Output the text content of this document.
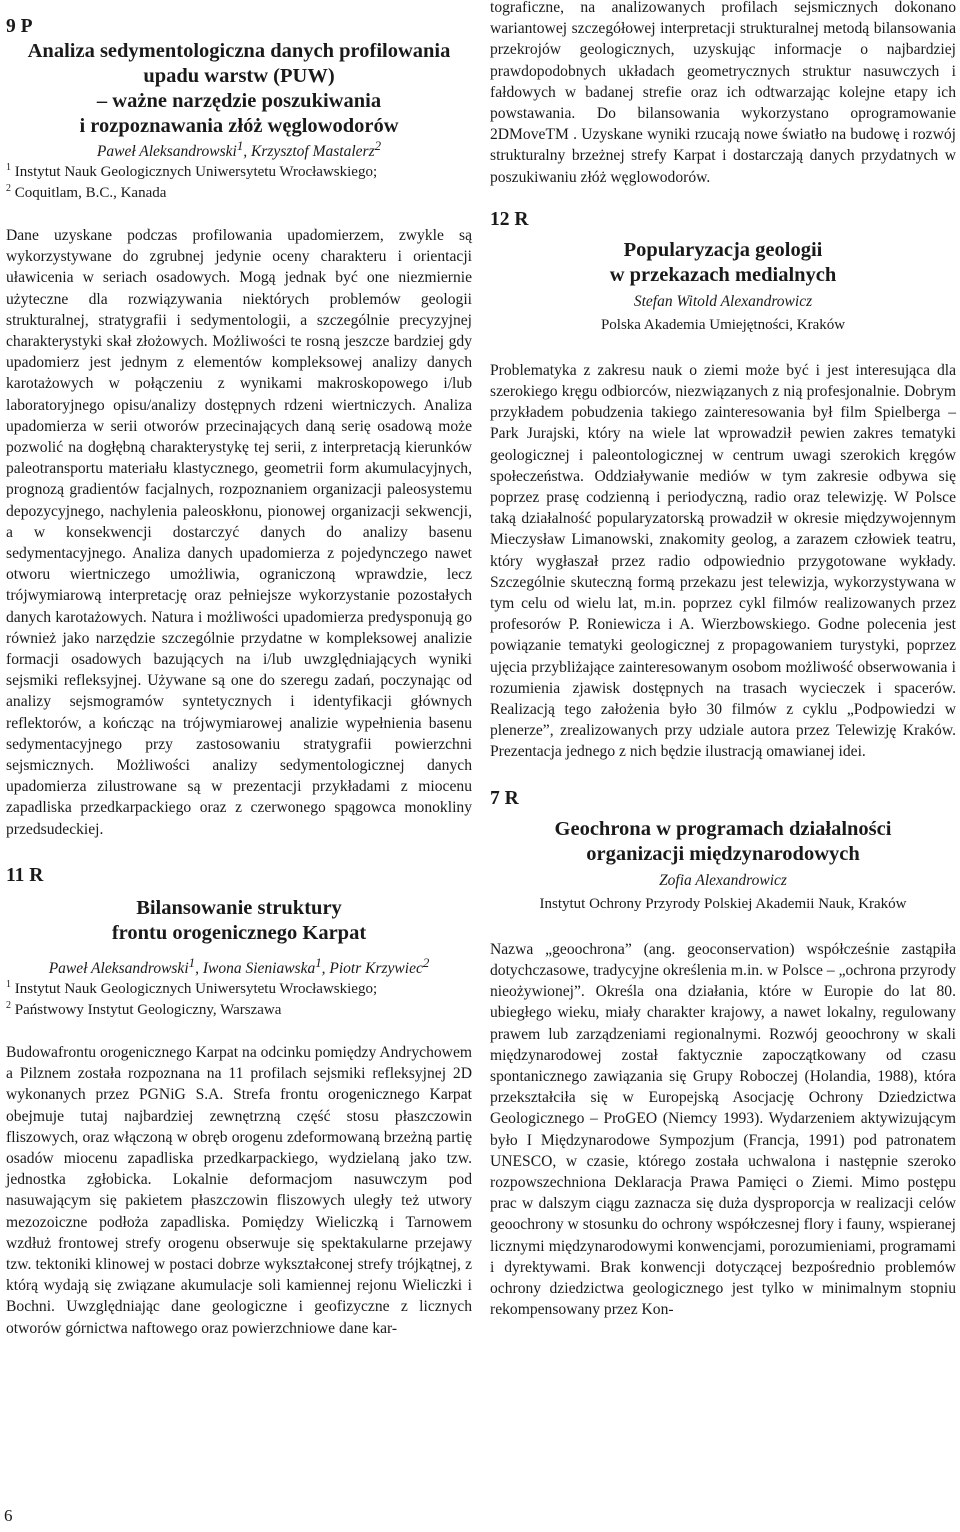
9 P

Analiza sedymentologiczna danych profilowania

upadu warstw (PUW)

– ważne narzędzie poszukiwania

i rozpoznawania złóż węglowodorów

Paweł Aleksandrowski$^1$, Krzysztof Mastalerz$^2$

$^1$ Instytut Nauk Geologicznych Uniwersytetu Wrocławskiego;

$^2$ Coquitlam, B.C., Kanada

Dane uzyskane podczas profilowania upadomierzem, zwykle są wykorzystywane do zgrubnej jedynie oceny charakteru i orientacji uławicenia w seriach osadowych. Mogą jednak być one niezmiernie użyteczne dla rozwiązywania niektórych problemów geologii strukturalnej, stratygrafii i sedymentologii, a szczególnie precyzyjnej charakterystyki skał złożowych. Możliwości te rosną jeszcze bardziej gdy upadomierz jest jednym z elementów kompleksowej analizy danych karotażowych w połączeniu z wynikami makroskopowego i/lub laboratoryjnego opisu/analizy dostępnych rdzeni wiertniczych. Analiza upadomierza w serii otworów przecinających daną serię osadową może pozwolić na dogłębną charakterystykę tej serii, z interpretacją kierunków paleotransportu materiału klastycznego, geometrii form akumulacyjnych, prognozą gradientów facjalnych, rozpoznaniem organizacji paleosystemu depozycyjnego, nachylenia paleoskłonu, pionowej organizacji sekwencji, a w konsekwencji dostarczyć danych do analizy basenu sedymentacyjnego. Analiza danych upadomierza z pojedynczego nawet otworu wiertniczego umożliwia, ograniczoną wprawdzie, lecz trójwymiarową interpretację oraz pełniejsze wykorzystanie pozostałych danych karotażowych. Natura i możliwości upadomierza predysponują go również jako narzędzie szczególnie przydatne w kompleksowej analizie formacji osadowych bazujących na i/lub uwzględniających wyniki sejsmiki refleksyjnej. Używane są one do szeregu zadań, poczynając od analizy sejsmogramów syntetycznych i identyfikacji głównych reflektorów, a kończąc na trójwymiarowej analizie wypełnienia basenu sedymentacyjnego przy zastosowaniu stratygrafii powierzchni sejsmicznych. Możliwości analizy sedymentologicznej danych upadomierza zilustrowane są w prezentacji przykładami z miocenu zapadliska przedkarpackiego oraz z czerwonego spągowca monokliny przedsudeckiej.

11 R

Bilansowanie struktury

frontu orogenicznego Karpat

Paweł Aleksandrowski$^1$, Iwona Sieniawska$^1$, Piotr Krzywiec$^2$

$^1$ Instytut Nauk Geologicznych Uniwersytetu Wrocławskiego;

$^2$ Państwowy Instytut Geologiczny, Warszawa

Budowafrontu orogenicznego Karpat na odcinku pomiędzy Andrychowem a Pilznem została rozpoznana na 11 profilach sejsmiki refleksyjnej 2D wykonanych przez PGNiG S.A. Strefa frontu orogenicznego Karpat obejmuje tutaj najbardziej zewnętrzną część stosu płaszczowin fliszowych, oraz włączoną w obręb orogenu zdeformowaną brzeżną partię osadów miocenu zapadliska przedkarpackiego, wydzielaną jako tzw. jednostka zgłobicka. Lokalnie deformacjom nasuwczym pod nasuwającym się pakietem płaszczowin fliszowych uległy też utwory mezozoiczne podłoża zapadliska. Pomiędzy Wieliczką i Tarnowem wzdłuż frontowej strefy orogenu obserwuje się spektakularne przejawy tzw. tektoniki klinowej w postaci dobrze wykształconej strefy trójkątnej, z którą wydają się związane akumulacje soli kamiennej rejonu Wieliczki i Bochni. Uwzględniając dane geologiczne i geofizyczne z licznych otworów górnictwa naftowego oraz powierzchniowe dane kar-

tograficzne, na analizowanych profilach sejsmicznych dokonano wariantowej szczegółowej interpretacji strukturalnej metodą bilansowania przekrojów geologicznych, uzyskując informacje o najbardziej prawdopodobnych układach geometrycznych struktur nasuwczych i fałdowych w badanej strefie oraz ich odtwarzając kolejne etapy ich powstawania. Do bilansowania wykorzystano oprogramowanie 2DMoveTM . Uzyskane wyniki rzucają nowe światło na budowę i rozwój strukturalny brzeżnej strefy Karpat i dostarczają danych przydatnych w poszukiwaniu złóż węglowodorów.

12 R

Popularyzacja geologii

w przekazach medialnych

Stefan Witold Alexandrowicz

Polska Akademia Umiejętności, Kraków

Problematyka z zakresu nauk o ziemi może być i jest interesująca dla szerokiego kręgu odbiorców, niezwiązanych z nią profesjonalnie. Dobrym przykładem pobudzenia takiego zainteresowania był film Spielberga – Park Jurajski, który na wiele lat wprowadził pewien zakres tematyki geologicznej i paleontologicznej w centrum uwagi szerokich kręgów społeczeństwa. Oddziaływanie mediów w tym zakresie odbywa się poprzez prasę codzienną i periodyczną, radio oraz telewizję. W Polsce taką działalność popularyzatorską prowadził w okresie międzywojennym Mieczysław Limanowski, znakomity geolog, a zarazem człowiek teatru, który wygłaszał przez radio odpowiednio przygotowane wykłady. Szczególnie skuteczną formą przekazu jest telewizja, wykorzystywana w tym celu od wielu lat, m.in. poprzez cykl filmów realizowanych przez profesorów P. Roniewicza i A. Wierzbowskiego. Godne polecenia jest powiązanie tematyki geologicznej z propagowaniem turystyki, poprzez ujęcia przybliżające zainteresowanym osobom możliwość obserwowania i rozumienia zjawisk dostępnych na trasach wycieczek i spacerów. Realizacją tego założenia było 30 filmów z cyklu „Podpowiedzi w plenerze”, zrealizowanych przy udziale autora przez Telewizję Kraków. Prezentacja jednego z nich będzie ilustracją omawianej idei.

7 R

Geochrona w programach działalności

organizacji międzynarodowych

Zofia Alexandrowicz

Instytut Ochrony Przyrody Polskiej Akademii Nauk, Kraków

Nazwa „geoochrona” (ang. geoconservation) współcześnie zastąpiła dotychczasowe, tradycyjne określenia m.in. w Polsce – „ochrona przyrody nieożywionej”. Określa ona działania, które w Europie do lat 80. ubiegłego wieku, miały charakter krajowy, a nawet lokalny, regulowany prawem lub zarządzeniami regionalnymi. Rozwój geoochrony w skali międzynarodowej został faktycznie zapoczątkowany od czasu spontanicznego zawiązania się Grupy Roboczej (Holandia, 1988), która przekształciła się w Europejską Asocjację Ochrony Dziedzictwa Geologicznego – ProGEO (Niemcy 1993). Wydarzeniem aktywizującym było I Międzynarodowe Sympozjum (Francja, 1991) pod patronatem UNESCO, w czasie, którego została uchwalona i następnie szeroko rozpowszechniona Deklaracja Prawa Pamięci o Ziemi. Mimo postępu prac w dalszym ciągu zaznacza się duża dysproporcja w realizacji celów geoochrony w stosunku do ochrony współczesnej flory i fauny, wspieranej licznymi międzynarodowymi konwencjami, porozumieniami, programami i dyrektywami. Brak konwencji dotyczącej bezpośrednio problemów ochrony dziedzictwa geologicznego jest tylko w minimalnym stopniu rekompensowany przez Kon-

6
